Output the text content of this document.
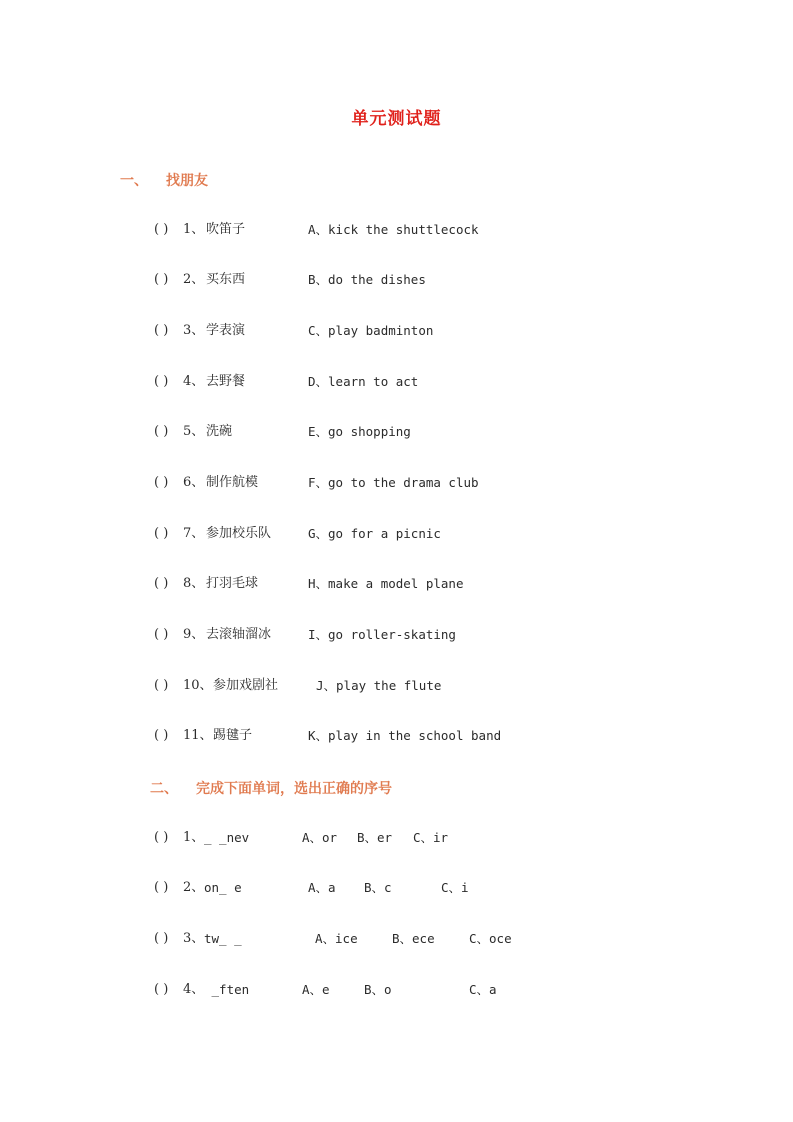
单元测试题
一、 找朋友
( ) 1、 吹笛子	A、kick the shuttlecock
( ) 2、 买东西	B、do the dishes
( ) 3、 学表演	C、play badminton
( ) 4、 去野餐	D、learn to act
( ) 5、 洗碗	E、go shopping
( ) 6、 制作航模	F、go to the drama club
( ) 7、 参加校乐队	G、go for a picnic
( ) 8、 打羽毛球	H、make a model plane
( ) 9、 去滚轴溜冰	I、go roller-skating
( ) 10、 参加戏剧社	J、play the flute
( ) 11、 踢毽子	K、play in the school band
二、 完成下面单词，选出正确的序号
( ) 1、 _ _nev	A、or B、er C、ir
( ) 2、 on_ e	A、a B、c	C、i
( ) 3、 tw_ _	A、ice	B、ece	C、oce
( ) 4、 _ften	A、e	B、o	C、a
